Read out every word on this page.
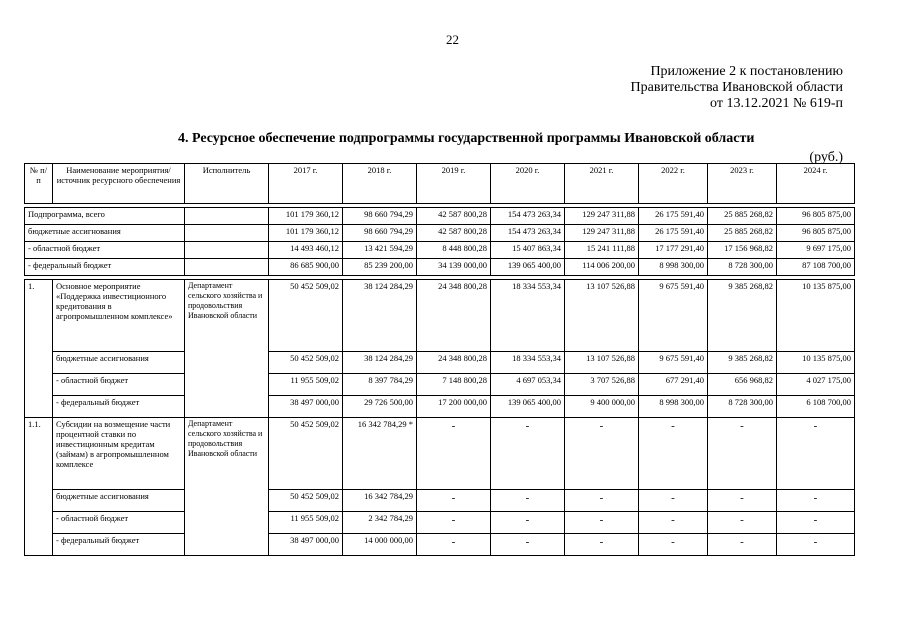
22
Приложение 2 к постановлению
Правительства Ивановской области
от 13.12.2021 № 619-п
4. Ресурсное обеспечение подпрограммы государственной программы Ивановской области
(руб.)
№ п/п	Наименование мероприятия/источник ресурсного обеспечения	Исполнитель	2017 г.	2018 г.	2019 г.	2020 г.	2021 г.	2022 г.	2023 г.	2024 г.

Подпрограмма, всего			101 179 360,12	98 660 794,29	42 587 800,28	154 473 263,34	129 247 311,88	26 175 591,40	25 885 268,82	96 805 875,00
бюджетные ассигнования			101 179 360,12	98 660 794,29	42 587 800,28	154 473 263,34	129 247 311,88	26 175 591,40	25 885 268,82	96 805 875,00
- областной бюджет			14 493 460,12	13 421 594,29	8 448 800,28	15 407 863,34	15 241 111,88	17 177 291,40	17 156 968,82	9 697 175,00
- федеральный бюджет			86 685 900,00	85 239 200,00	34 139 000,00	139 065 400,00	114 006 200,00	8 998 300,00	8 728 300,00	87 108 700,00

1.	Основное мероприятие «Поддержка инвестиционного кредитования в агропромышленном комплексе»	Департамент сельского хозяйства и продовольствия Ивановской области	50 452 509,02	38 124 284,29	24 348 800,28	18 334 553,34	13 107 526,88	9 675 591,40	9 385 268,82	10 135 875,00
	бюджетные ассигнования		50 452 509,02	38 124 284,29	24 348 800,28	18 334 553,34	13 107 526,88	9 675 591,40	9 385 268,82	10 135 875,00
	- областной бюджет		11 955 509,02	8 397 784,29	7 148 800,28	4 697 053,34	3 707 526,88	677 291,40	656 968,82	4 027 175,00
	- федеральный бюджет		38 497 000,00	29 726 500,00	17 200 000,00	139 065 400,00	9 400 000,00	8 998 300,00	8 728 300,00	6 108 700,00
1.1.	Субсидии на возмещение части процентной ставки по инвестиционным кредитам (займам) в агропромышленном комплексе	Департамент сельского хозяйства и продовольствия Ивановской области	50 452 509,02	16 342 784,29 *	-	-	-	-	-	-
	бюджетные ассигнования		50 452 509,02	16 342 784,29	-	-	-	-	-	-
	- областной бюджет		11 955 509,02	2 342 784,29	-	-	-	-	-	-
	- федеральный бюджет		38 497 000,00	14 000 000,00	-	-	-	-	-	-
